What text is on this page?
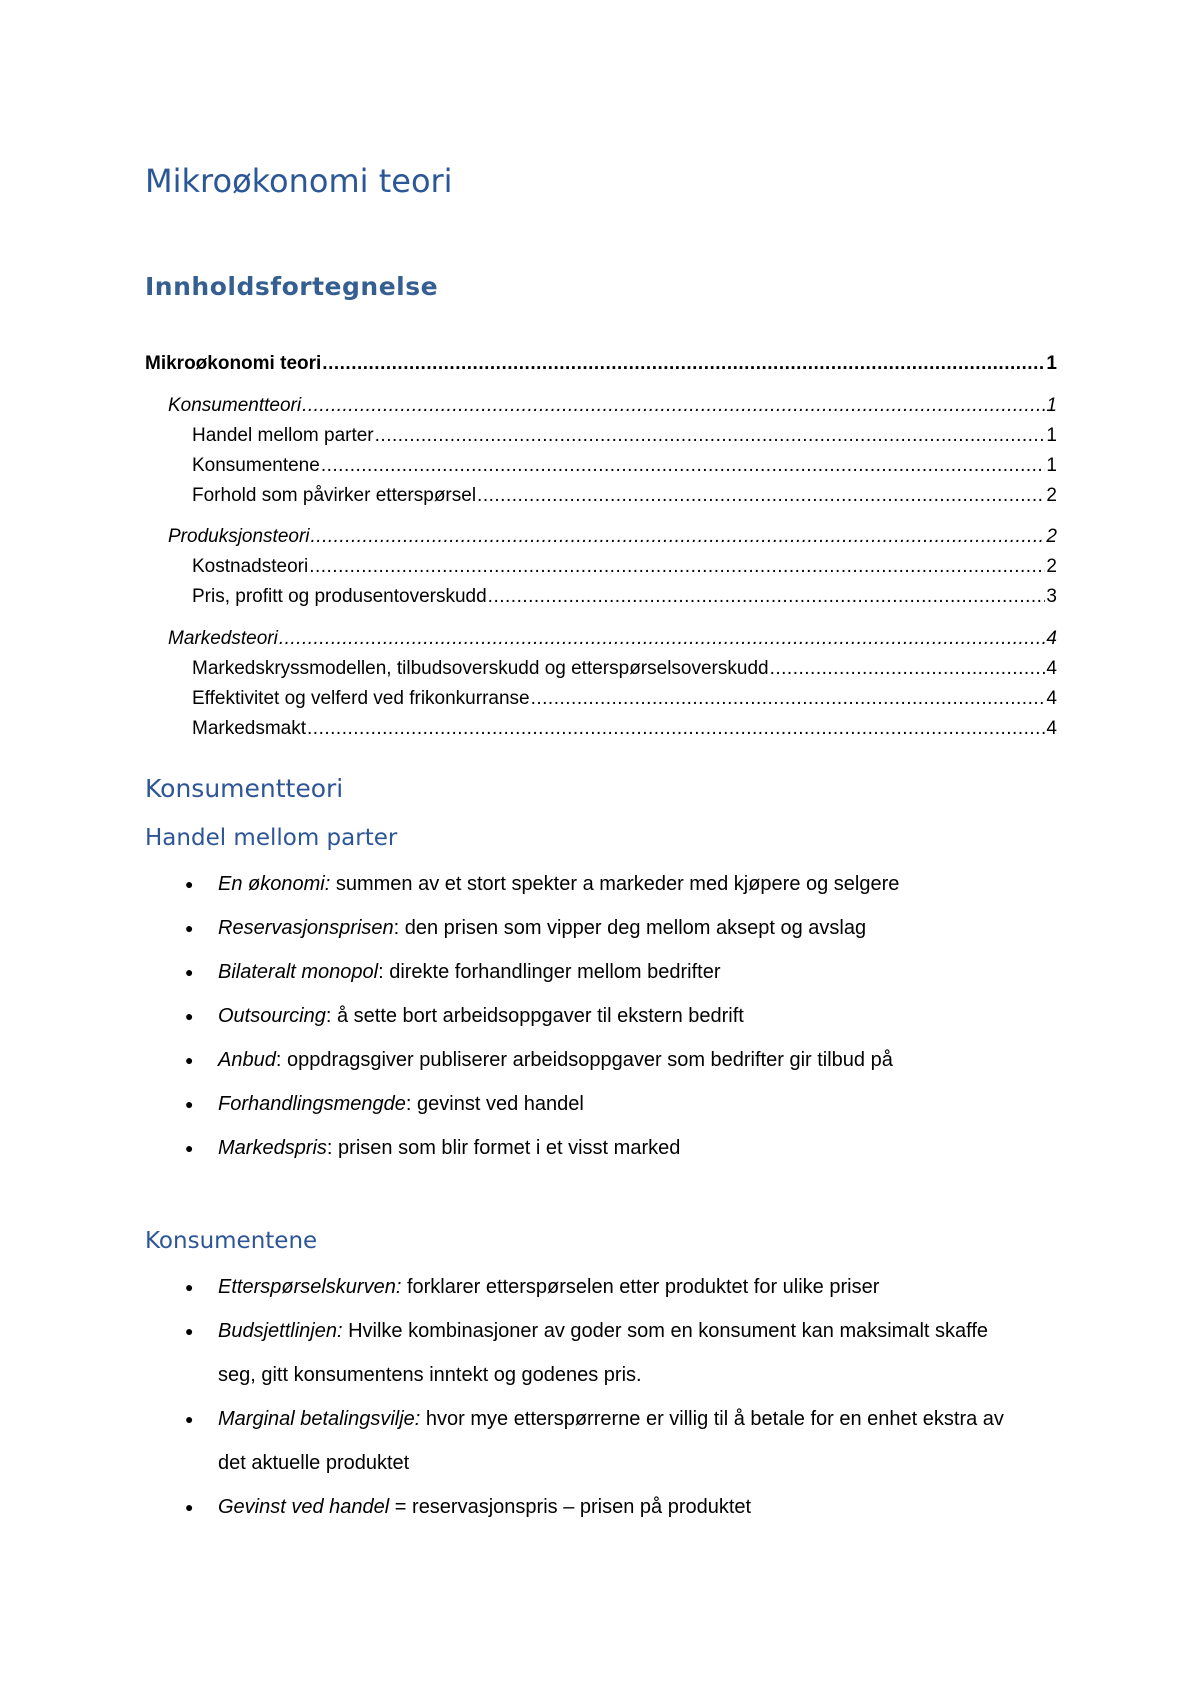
Mikroøkonomi teori
Innholdsfortegnelse
Mikroøkonomi teori .....	1
Konsumentteori .....	1
Handel mellom parter .....	1
Konsumentene .....	1
Forhold som påvirker etterspørsel .....	2
Produksjonsteori .....	2
Kostnadsteori .....	2
Pris, profitt og produsentoverskudd .....	3
Markedsteori .....	4
Markedskryssmodellen, tilbudsoverskudd og etterspørselsoverskudd .....	4
Effektivitet og velferd ved frikonkurranse .....	4
Markedsmakt .....	4
Konsumentteori
Handel mellom parter
● En økonomi: summen av et stort spekter a markeder med kjøpere og selgere
● Reservasjonsprisen: den prisen som vipper deg mellom aksept og avslag
● Bilateralt monopol: direkte forhandlinger mellom bedrifter
● Outsourcing: å sette bort arbeidsoppgaver til ekstern bedrift
● Anbud: oppdragsgiver publiserer arbeidsoppgaver som bedrifter gir tilbud på
● Forhandlingsmengde: gevinst ved handel
● Markedspris: prisen som blir formet i et visst marked
Konsumentene
● Etterspørselskurven: forklarer etterspørselen etter produktet for ulike priser
● Budsjettlinjen: Hvilke kombinasjoner av goder som en konsument kan maksimalt skaffe seg, gitt konsumentens inntekt og godenes pris.
● Marginal betalingsvilje: hvor mye etterspørrerne er villig til å betale for en enhet ekstra av det aktuelle produktet
● Gevinst ved handel = reservasjonspris – prisen på produktet
